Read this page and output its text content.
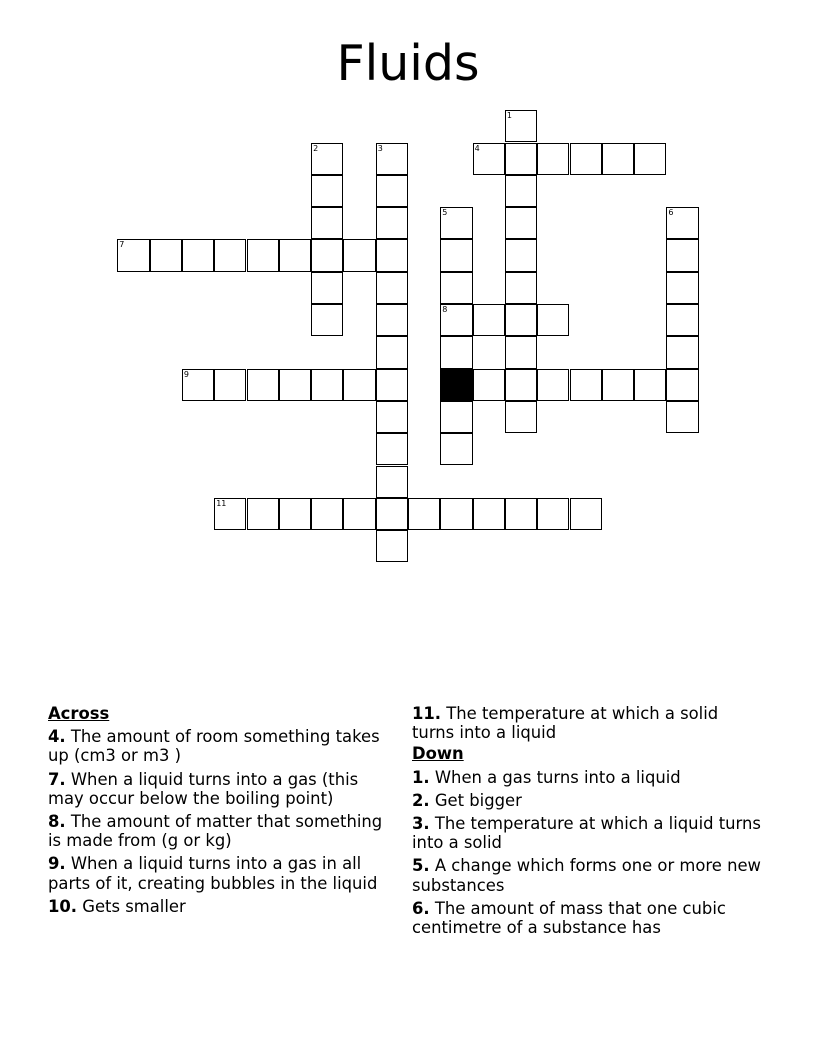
Fluids
1
2	3	4
5
8
6
7
9
11
Across
4. The amount of room something takes up (cm3 or m3 )
7. When a liquid turns into a gas (this may occur below the boiling point)
8. The amount of matter that something is made from (g or kg)
9. When a liquid turns into a gas in all parts of it, creating bubbles in the liquid
10. Gets smaller
11. The temperature at which a solid turns into a liquid
Down
1. When a gas turns into a liquid
2. Get bigger
3. The temperature at which a liquid turns into a solid
5. A change which forms one or more new substances
6. The amount of mass that one cubic centimetre of a substance has
